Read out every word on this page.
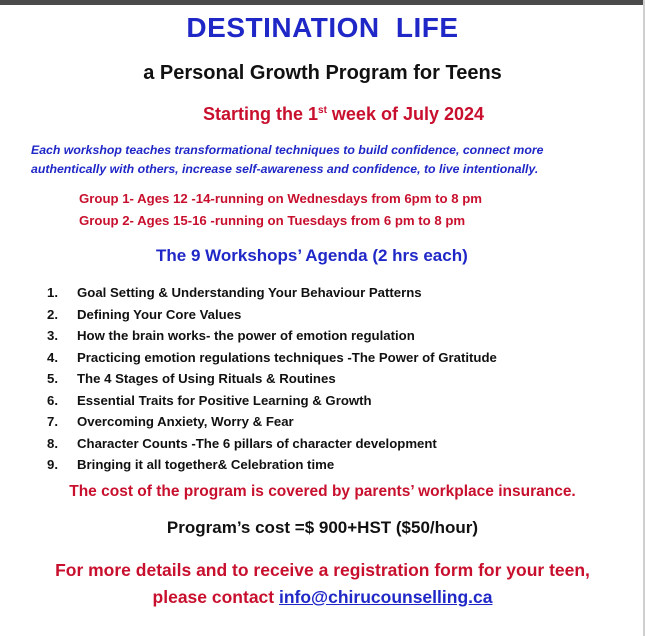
DESTINATION LIFE
a Personal Growth Program for Teens
Starting the 1st week of July 2024
Each workshop teaches transformational techniques to build confidence, connect more authentically with others, increase self-awareness and confidence, to live intentionally.
Group 1- Ages 12 -14-running on Wednesdays from 6pm to 8 pm
Group 2- Ages 15-16 -running on Tuesdays from 6 pm to 8 pm
The 9 Workshops’ Agenda (2 hrs each)
1. Goal Setting & Understanding Your Behaviour Patterns
2. Defining Your Core Values
3. How the brain works- the power of emotion regulation
4. Practicing emotion regulations techniques -The Power of Gratitude
5. The 4 Stages of Using Rituals & Routines
6. Essential Traits for Positive Learning & Growth
7. Overcoming Anxiety, Worry & Fear
8. Character Counts -The 6 pillars of character development
9. Bringing it all together& Celebration time
The cost of the program is covered by parents’ workplace insurance.
Program’s cost =$ 900+HST ($50/hour)
For more details and to receive a registration form for your teen,
please contact info@chirucounselling.ca
